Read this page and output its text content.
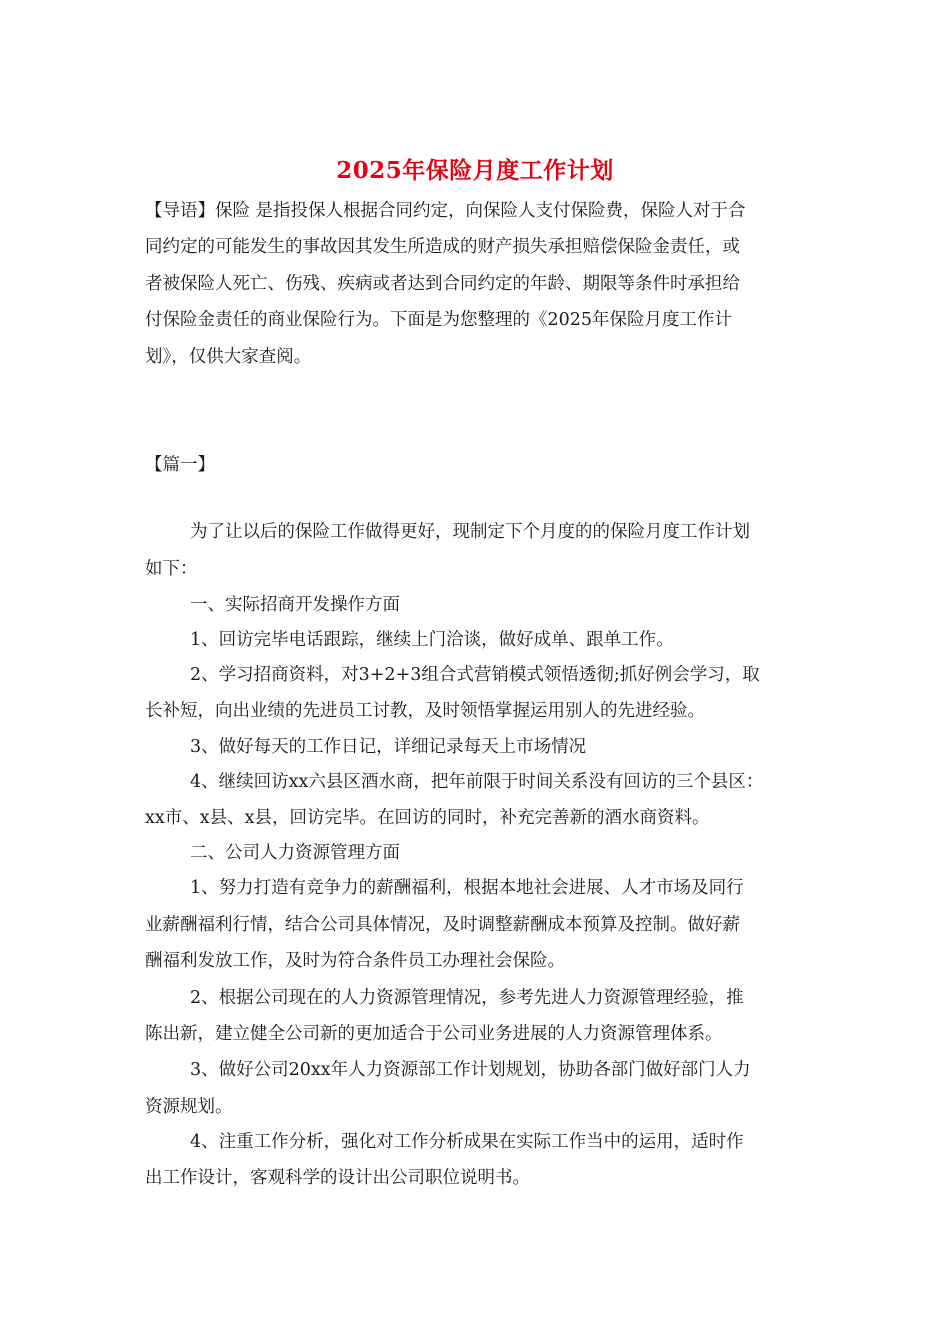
2025年保险月度工作计划
【导语】保险 是指投保人根据合同约定，向保险人支付保险费，保险人对于合
同约定的可能发生的事故因其发生所造成的财产损失承担赔偿保险金责任，或
者被保险人死亡、伤残、疾病或者达到合同约定的年龄、期限等条件时承担给
付保险金责任的商业保险行为。下面是为您整理的《2025年保险月度工作计
划》，仅供大家查阅。
【篇一】
为了让以后的保险工作做得更好，现制定下个月度的的保险月度工作计划
如下：
一、实际招商开发操作方面
1、回访完毕电话跟踪，继续上门洽谈，做好成单、跟单工作。
2、学习招商资料，对3+2+3组合式营销模式领悟透彻;抓好例会学习，取
长补短，向出业绩的先进员工讨教，及时领悟掌握运用别人的先进经验。
3、做好每天的工作日记，详细记录每天上市场情况
4、继续回访xx六县区酒水商，把年前限于时间关系没有回访的三个县区：
xx市、x县、x县，回访完毕。在回访的同时，补充完善新的酒水商资料。
二、公司人力资源管理方面
1、努力打造有竞争力的薪酬福利，根据本地社会进展、人才市场及同行
业薪酬福利行情，结合公司具体情况，及时调整薪酬成本预算及控制。做好薪
酬福利发放工作，及时为符合条件员工办理社会保险。
2、根据公司现在的人力资源管理情况，参考先进人力资源管理经验，推
陈出新，建立健全公司新的更加适合于公司业务进展的人力资源管理体系。
3、做好公司20xx年人力资源部工作计划规划，协助各部门做好部门人力
资源规划。
4、注重工作分析，强化对工作分析成果在实际工作当中的运用，适时作
出工作设计，客观科学的设计出公司职位说明书。
